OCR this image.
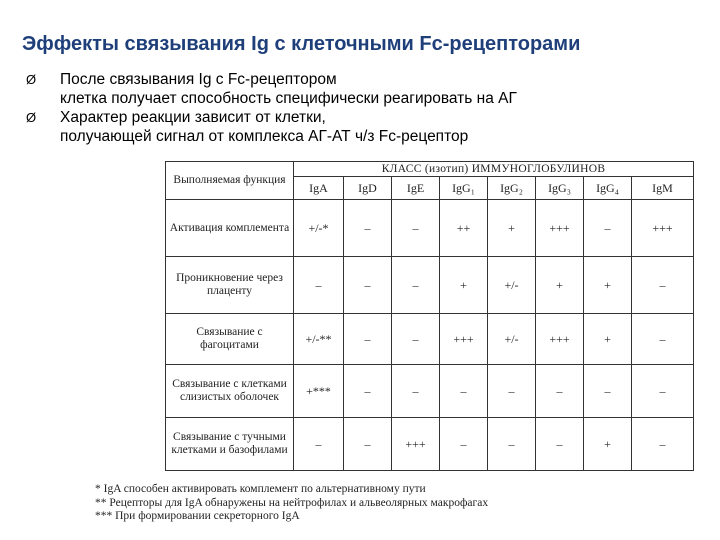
Эффекты связывания Ig с клеточными Fc-рецепторами
Ø После связывания Ig с Fc-рецептором
клетка получает способность специфически реагировать на АГ
Ø Характер реакции зависит от клетки,
получающей сигнал от комплекса АГ-АТ ч/з Fc-рецептор
Выполняемая функция	КЛАСС (изотип) ИММУНОГЛОБУЛИНОВ							
	IgA	IgD	IgE	IgG₁	IgG₂	IgG₃	IgG₄	IgM
Активация комплемента	+/-*	–	–	++	+	+++	–	+++
Проникновение через плаценту	–	–	–	+	+/-	+	+	–
Связывание с фагоцитами	+/-**	–	–	+++	+/-	+++	+	–
Связывание с клетками слизистых оболочек	+***	–	–	–	–	–	–	–
Связывание с тучными клетками и базофилами	–	–	+++	–	–	–	+	–
* IgA способен активировать комплемент по альтернативному пути
** Рецепторы для IgA обнаружены на нейтрофилах и альвеолярных макрофагах
*** При формировании секреторного IgA
